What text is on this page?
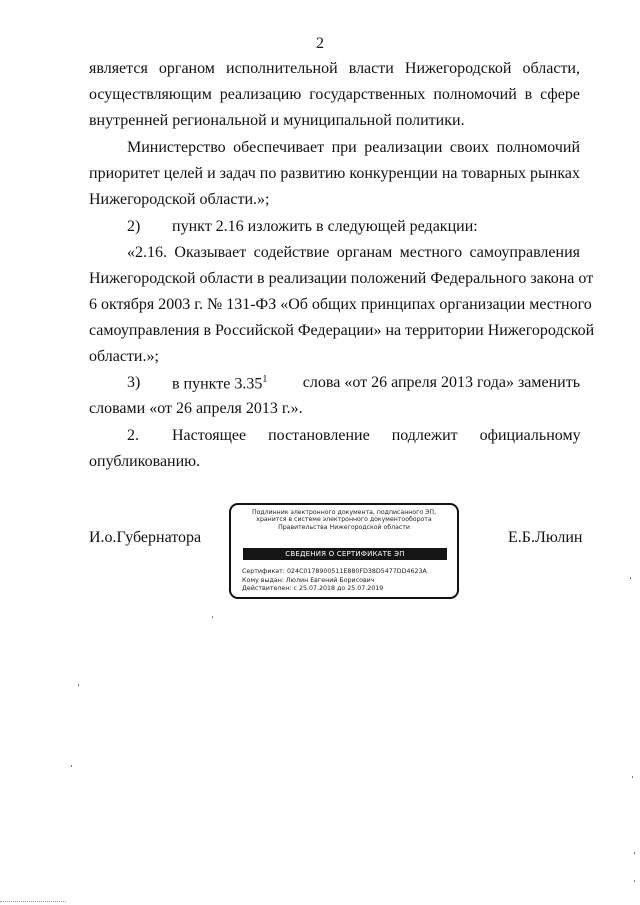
2
является органом исполнительной власти Нижегородской области,
осуществляющим реализацию государственных полномочий в сфере
внутренней региональной и муниципальной политики.
Министерство обеспечивает при реализации своих полномочий
приоритет целей и задач по развитию конкуренции на товарных рынках
Нижегородской области.»;
2) пункт 2.16 изложить в следующей редакции:
«2.16. Оказывает содействие органам местного самоуправления
Нижегородской области в реализации положений Федерального закона от
6 октября 2003 г. № 131-ФЗ «Об общих принципах организации местного
самоуправления в Российской Федерации» на территории Нижегородской
области.»;
3) в пункте 3.35$^1$ слова «от 26 апреля 2013 года» заменить
словами «от 26 апреля 2013 г.».
2. Настоящее постановление подлежит официальному
опубликованию.
И.о.Губернатора	Е.Б.Люлин
Подлинник электронного документа, подписанного ЭП,
хранится в системе электронного документооборота
Правительства Нижегородской области
СВЕДЕНИЯ О СЕРТИФИКАТЕ ЭП
Сертификат: 024C0178900511E880FD38D5477DD4623A
Кому выдан: Люлин Евгений Борисович
Действителен: с 25.07.2018 до 25.07.2019
